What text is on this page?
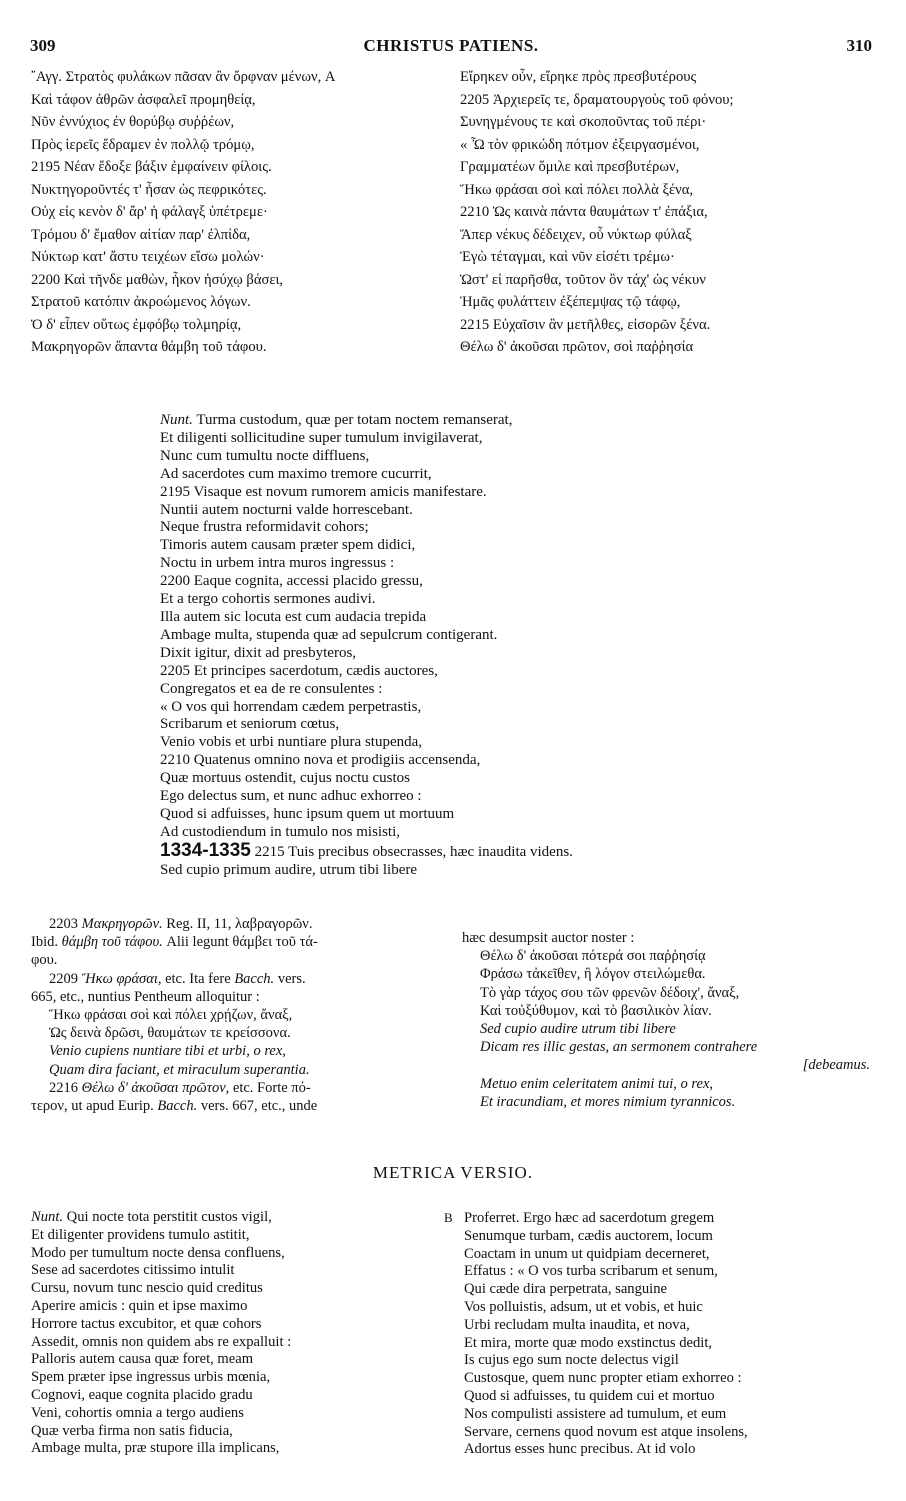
309	CHRISTUS PATIENS.	310
῎Αγγ. Στρατὸς φυλάκων πᾶσαν ἂν ὄρφναν μένων, A
Καὶ τάφον ἀθρῶν ἀσφαλεῖ προμηθείᾳ,
Νῦν ἐννύχιος ἐν θορύβῳ συῤῥέων,
Πρὸς ἱερεῖς ἔδραμεν ἐν πολλῷ τρόμῳ,
2195 Νέαν ἔδοξε βάξιν ἐμφαίνειν φίλοις.
Νυκτηγοροῦντές τ' ἦσαν ὡς πεφρικότες.
Οὐχ εἰς κενὸν δ' ἄρ' ἡ φάλαγξ ὑπέτρεμε·
Τρόμου δ' ἔμαθον αἰτίαν παρ' ἐλπίδα,
Νύκτωρ κατ' ἄστυ τειχέων εἴσω μολών·
2200 Καὶ τῆνδε μαθὼν, ἧκον ἡσύχῳ βάσει,
Στρατοῦ κατόπιν ἀκροώμενος λόγων.
Ὁ δ' εἶπεν οὕτως ἐμφόβῳ τολμηρίᾳ,
Μακρηγορῶν ἅπαντα θάμβη τοῦ τάφου.
Εἴρηκεν οὖν, εἴρηκε πρὸς πρεσβυτέρους
2205 Ἀρχιερεῖς τε, δραματουργοὺς τοῦ φόνου;
Συνηγμένους τε καὶ σκοποῦντας τοῦ πέρι·
« Ὦ τὸν φρικώδη πότμον ἐξειργασμένοι,
Γραμματέων ὅμιλε καὶ πρεσβυτέρων,
Ἥκω φράσαι σοὶ καὶ πόλει πολλὰ ξένα,
2210 Ὡς καινὰ πάντα θαυμάτων τ' ἐπάξια,
Ἅπερ νέκυς δέδειχεν, οὗ νύκτωρ φύλαξ
Ἐγὼ τέταγμαι, καὶ νῦν εἰσέτι τρέμω·
Ὡστ' εἰ παρῆσθα, τοῦτον ὃν τάχ' ὡς νέκυν
Ἡμᾶς φυλάττειν ἐξέπεμψας τῷ τάφῳ,
2215 Εὐχαῖσιν ἂν μετῆλθες, εἰσορῶν ξένα.
Θέλω δ' ἀκοῦσαι πρῶτον, σοὶ παῤῥησία
Nunt. Turma custodum, quæ per totam noctem remanserat,
Et diligenti sollicitudine super tumulum invigilaverat,
Nunc cum tumultu nocte diffluens,
Ad sacerdotes cum maximo tremore cucurrit,
2195 Visaque est novum rumorem amicis manifestare.
Nuntii autem nocturni valde horrescebant.
Neque frustra reformidavit cohors;
Timoris autem causam præter spem didici,
Noctu in urbem intra muros ingressus :
2200 Eaque cognita, accessi placido gressu,
Et a tergo cohortis sermones audivi.
Illa autem sic locuta est cum audacia trepida
Ambage multa, stupenda quæ ad sepulcrum contigerant.
Dixit igitur, dixit ad presbyteros,
2205 Et principes sacerdotum, cædis auctores,
Congregatos et ea de re consulentes :
« O vos qui horrendam cædem perpetrastis,
Scribarum et seniorum cœtus,
Venio vobis et urbi nuntiare plura stupenda,
2210 Quatenus omnino nova et prodigiis accensenda,
Quæ mortuus ostendit, cujus noctu custos
Ego delectus sum, et nunc adhuc exhorreo :
Quod si adfuisses, hunc ipsum quem ut mortuum
Ad custodiendum in tumulo nos misisti,
1334-1335 2215 Tuis precibus obsecrasses, hæc inaudita videns.
Sed cupio primum audire, utrum tibi libere
2203 Μακρηγορῶν. Reg. II, 11, λαβραγορῶν.
Ibid. θάμβη τοῦ τάφου. Alii legunt θάμβει τοῦ τά-
φου.
2209 Ἥκω φράσαι, etc. Ita fere Bacch. vers.
665, etc., nuntius Pentheum alloquitur :
Ἥκω φράσαι σοὶ καὶ πόλει χρῄζων, ἄναξ,
Ὡς δεινὰ δρῶσι, θαυμάτων τε κρείσσονα.
Venio cupiens nuntiare tibi et urbi, o rex,
Quam dira faciant, et miraculum superantia.
2216 Θέλω δ' ἀκοῦσαι πρῶτον, etc. Forte πό-
τερον, ut apud Eurip. Bacch. vers. 667, etc., unde
hæc desumpsit auctor noster :
Θέλω δ' ἀκοῦσαι πότερά σοι παῤῥησίᾳ
Φράσω τἀκεῖθεν, ἢ λόγον στειλώμεθα.
Τὸ γὰρ τάχος σου τῶν φρενῶν δέδοιχ', ἄναξ,
Καὶ τοὐξύθυμον, καὶ τὸ βασιλικὸν λίαν.
Sed cupio audire utrum tibi libere
Dicam res illic gestas, an sermonem contrahere
[debeamus.
Metuo enim celeritatem animi tui, o rex,
Et iracundiam, et mores nimium tyrannicos.
METRICA VERSIO.
Nunt. Qui nocte tota perstitit custos vigil,
Et diligenter providens tumulo astitit,
Modo per tumultum nocte densa confluens,
Sese ad sacerdotes citissimo intulit
Cursu, novum tunc nescio quid creditus
Aperire amicis : quin et ipse maximo
Horrore tactus excubitor, et quæ cohors
Assedit, omnis non quidem abs re expalluit :
Palloris autem causa quæ foret, meam
Spem præter ipse ingressus urbis mœnia,
Cognovi, eaque cognita placido gradu
Veni, cohortis omnia a tergo audiens
Quæ verba firma non satis fiducia,
Ambage multa, præ stupore illa implicans,
B Proferret. Ergo hæc ad sacerdotum gregem
Senumque turbam, cædis auctorem, locum
Coactam in unum ut quidpiam decerneret,
Effatus : « O vos turba scribarum et senum,
Qui cæde dira perpetrata, sanguine
Vos polluistis, adsum, ut et vobis, et huic
Urbi recludam multa inaudita, et nova,
Et mira, morte quæ modo exstinctus dedit,
Is cujus ego sum nocte delectus vigil
Custosque, quem nunc propter etiam exhorreo :
Quod si adfuisses, tu quidem cui et mortuo
Nos compulisti assistere ad tumulum, et eum
Servare, cernens quod novum est atque insolens,
Adortus esses hunc precibus. At id volo
